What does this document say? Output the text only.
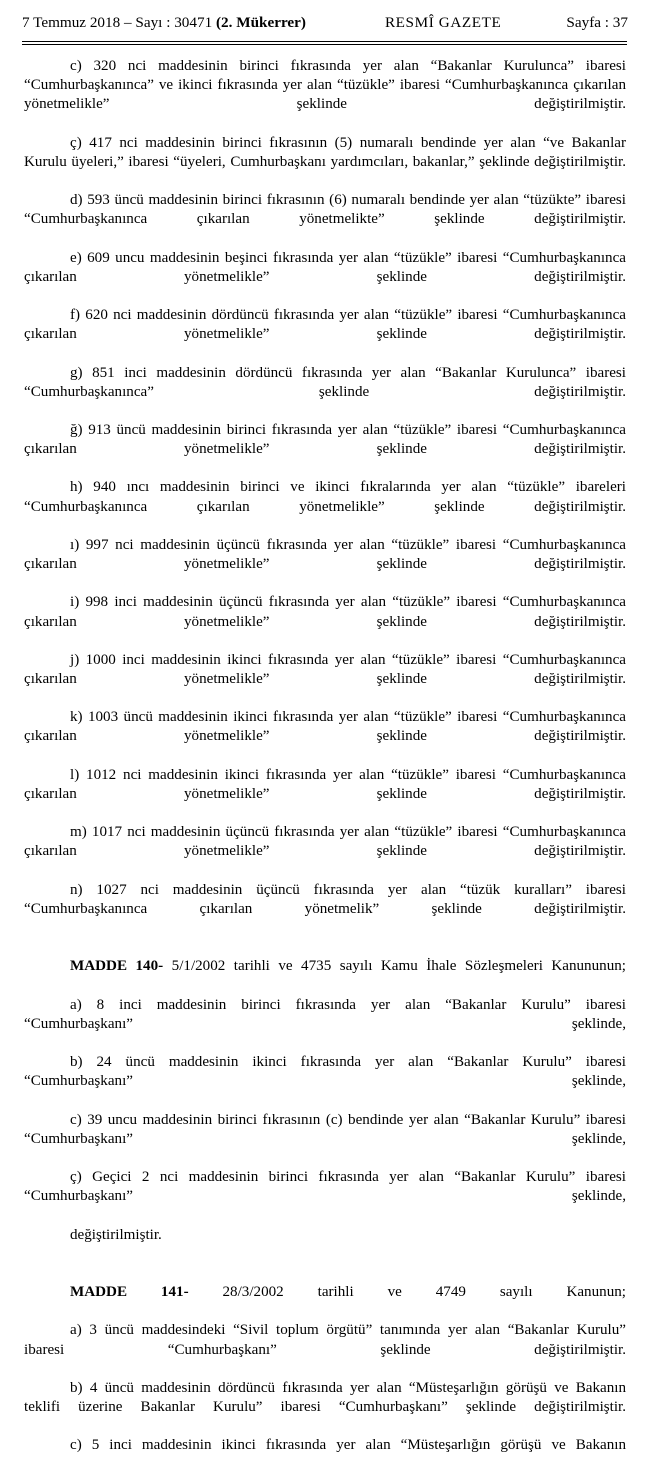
7 Temmuz 2018 – Sayı : 30471 (2. Mükerrer)	RESMÎ GAZETE	Sayfa : 37

c) 320 nci maddesinin birinci fıkrasında yer alan “Bakanlar Kurulunca” ibaresi “Cumhurbaşkanınca” ve ikinci fıkrasında yer alan “tüzükle” ibaresi “Cumhurbaşkanınca çıkarılan yönetmelikle” şeklinde değiştirilmiştir.

ç) 417 nci maddesinin birinci fıkrasının (5) numaralı bendinde yer alan “ve Bakanlar Kurulu üyeleri,” ibaresi “üyeleri, Cumhurbaşkanı yardımcıları, bakanlar,” şeklinde değiştirilmiştir.

d) 593 üncü maddesinin birinci fıkrasının (6) numaralı bendinde yer alan “tüzükte” ibaresi “Cumhurbaşkanınca çıkarılan yönetmelikte” şeklinde değiştirilmiştir.

e) 609 uncu maddesinin beşinci fıkrasında yer alan “tüzükle” ibaresi “Cumhurbaşkanınca çıkarılan yönetmelikle” şeklinde değiştirilmiştir.

f) 620 nci maddesinin dördüncü fıkrasında yer alan “tüzükle” ibaresi “Cumhurbaşkanınca çıkarılan yönetmelikle” şeklinde değiştirilmiştir.

g) 851 inci maddesinin dördüncü fıkrasında yer alan “Bakanlar Kurulunca” ibaresi “Cumhurbaşkanınca” şeklinde değiştirilmiştir.

ğ) 913 üncü maddesinin birinci fıkrasında yer alan “tüzükle” ibaresi “Cumhurbaşkanınca çıkarılan yönetmelikle” şeklinde değiştirilmiştir.

h) 940 ıncı maddesinin birinci ve ikinci fıkralarında yer alan “tüzükle” ibareleri “Cumhurbaşkanınca çıkarılan yönetmelikle” şeklinde değiştirilmiştir.

ı) 997 nci maddesinin üçüncü fıkrasında yer alan “tüzükle” ibaresi “Cumhurbaşkanınca çıkarılan yönetmelikle” şeklinde değiştirilmiştir.

i) 998 inci maddesinin üçüncü fıkrasında yer alan “tüzükle” ibaresi “Cumhurbaşkanınca çıkarılan yönetmelikle” şeklinde değiştirilmiştir.

j) 1000 inci maddesinin ikinci fıkrasında yer alan “tüzükle” ibaresi “Cumhurbaşkanınca çıkarılan yönetmelikle” şeklinde değiştirilmiştir.

k) 1003 üncü maddesinin ikinci fıkrasında yer alan “tüzükle” ibaresi “Cumhurbaşkanınca çıkarılan yönetmelikle” şeklinde değiştirilmiştir.

l) 1012 nci maddesinin ikinci fıkrasında yer alan “tüzükle” ibaresi “Cumhurbaşkanınca çıkarılan yönetmelikle” şeklinde değiştirilmiştir.

m) 1017 nci maddesinin üçüncü fıkrasında yer alan “tüzükle” ibaresi “Cumhurbaşkanınca çıkarılan yönetmelikle” şeklinde değiştirilmiştir.

n) 1027 nci maddesinin üçüncü fıkrasında yer alan “tüzük kuralları” ibaresi “Cumhurbaşkanınca çıkarılan yönetmelik” şeklinde değiştirilmiştir.

MADDE 140- 5/1/2002 tarihli ve 4735 sayılı Kamu İhale Sözleşmeleri Kanununun;

a) 8 inci maddesinin birinci fıkrasında yer alan “Bakanlar Kurulu” ibaresi “Cumhurbaşkanı” şeklinde,

b) 24 üncü maddesinin ikinci fıkrasında yer alan “Bakanlar Kurulu” ibaresi “Cumhurbaşkanı” şeklinde,

c) 39 uncu maddesinin birinci fıkrasının (c) bendinde yer alan “Bakanlar Kurulu” ibaresi “Cumhurbaşkanı” şeklinde,

ç) Geçici 2 nci maddesinin birinci fıkrasında yer alan “Bakanlar Kurulu” ibaresi “Cumhurbaşkanı” şeklinde,

değiştirilmiştir.

MADDE 141- 28/3/2002 tarihli ve 4749 sayılı Kanunun;

a) 3 üncü maddesindeki “Sivil toplum örgütü” tanımında yer alan “Bakanlar Kurulu” ibaresi “Cumhurbaşkanı” şeklinde değiştirilmiştir.

b) 4 üncü maddesinin dördüncü fıkrasında yer alan “Müsteşarlığın görüşü ve Bakanın teklifi üzerine Bakanlar Kurulu” ibaresi “Cumhurbaşkanı” şeklinde değiştirilmiştir.

c) 5 inci maddesinin ikinci fıkrasında yer alan “Müsteşarlığın görüşü ve Bakanın
